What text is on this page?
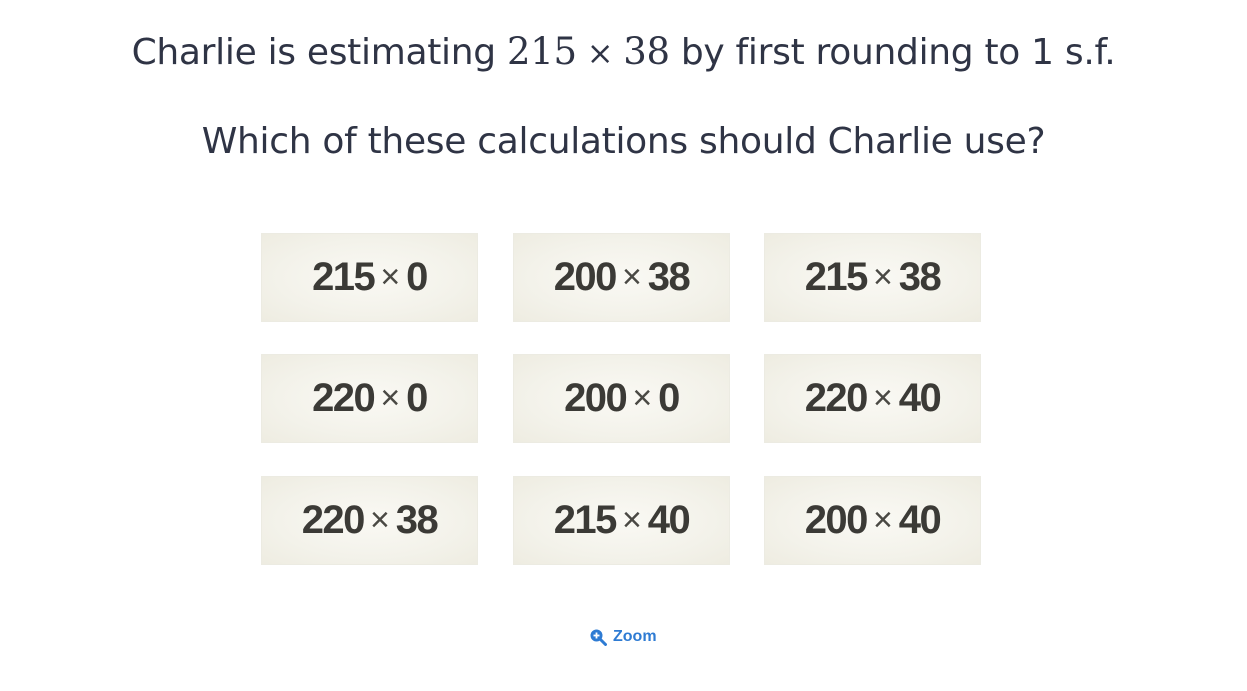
Charlie is estimating 215 × 38 by first rounding to 1 s.f.
Which of these calculations should Charlie use?
215 × 0	200 × 38	215 × 38
220 × 0	200 × 0	220 × 40
220 × 38	215 × 40	200 × 40
Zoom
